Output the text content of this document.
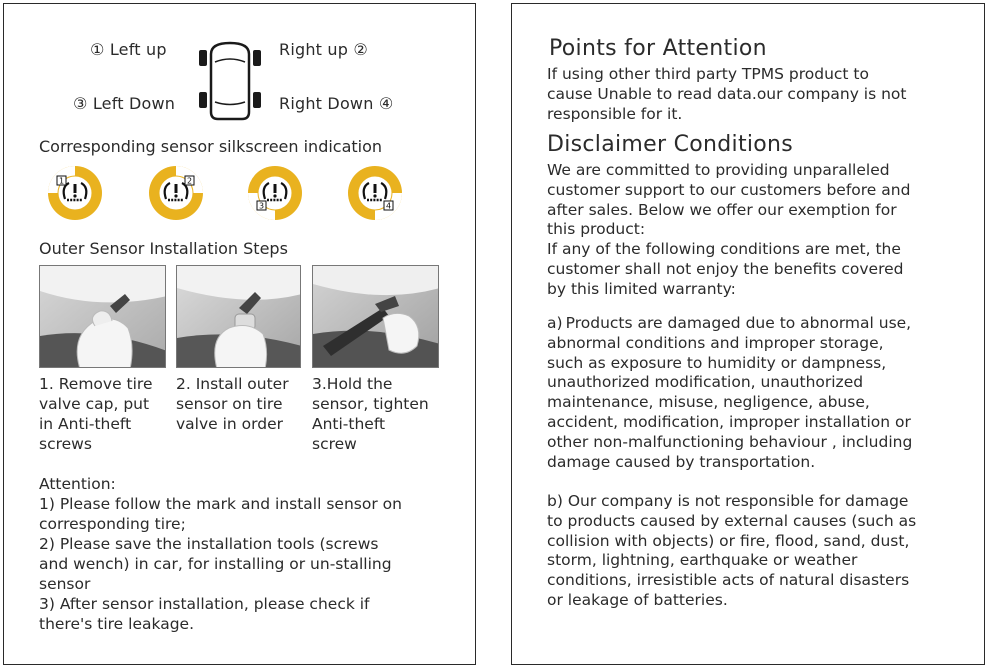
① Left up	Right up ②
③ Left Down	Right Down ④
Corresponding sensor silkscreen indication
1	2
3	4
Outer Sensor Installation Steps
1. Remove tire
valve cap, put
in Anti-theft
screws
2. Install outer
sensor on tire
valve in order
3.Hold the
sensor, tighten
Anti-theft
screw
Attention:
1) Please follow the mark and install sensor on
corresponding tire;
2) Please save the installation tools (screws
and wench) in car, for installing or un-stalling
sensor
3) After sensor installation, please check if
there's tire leakage.
Points for Attention
If using other third party TPMS product to
cause Unable to read data.our company is not
responsible for it.
Disclaimer Conditions
We are committed to providing unparalleled
customer support to our customers before and
after sales. Below we offer our exemption for
this product:
If any of the following conditions are met, the
customer shall not enjoy the benefits covered
by this limited warranty:
a) Products are damaged due to abnormal use,
abnormal conditions and improper storage,
such as exposure to humidity or dampness,
unauthorized modification, unauthorized
maintenance, misuse, negligence, abuse,
accident, modification, improper installation or
other non-malfunctioning behaviour , including
damage caused by transportation.
b) Our company is not responsible for damage
to products caused by external causes (such as
collision with objects) or fire, flood, sand, dust,
storm, lightning, earthquake or weather
conditions, irresistible acts of natural disasters
or leakage of batteries.
